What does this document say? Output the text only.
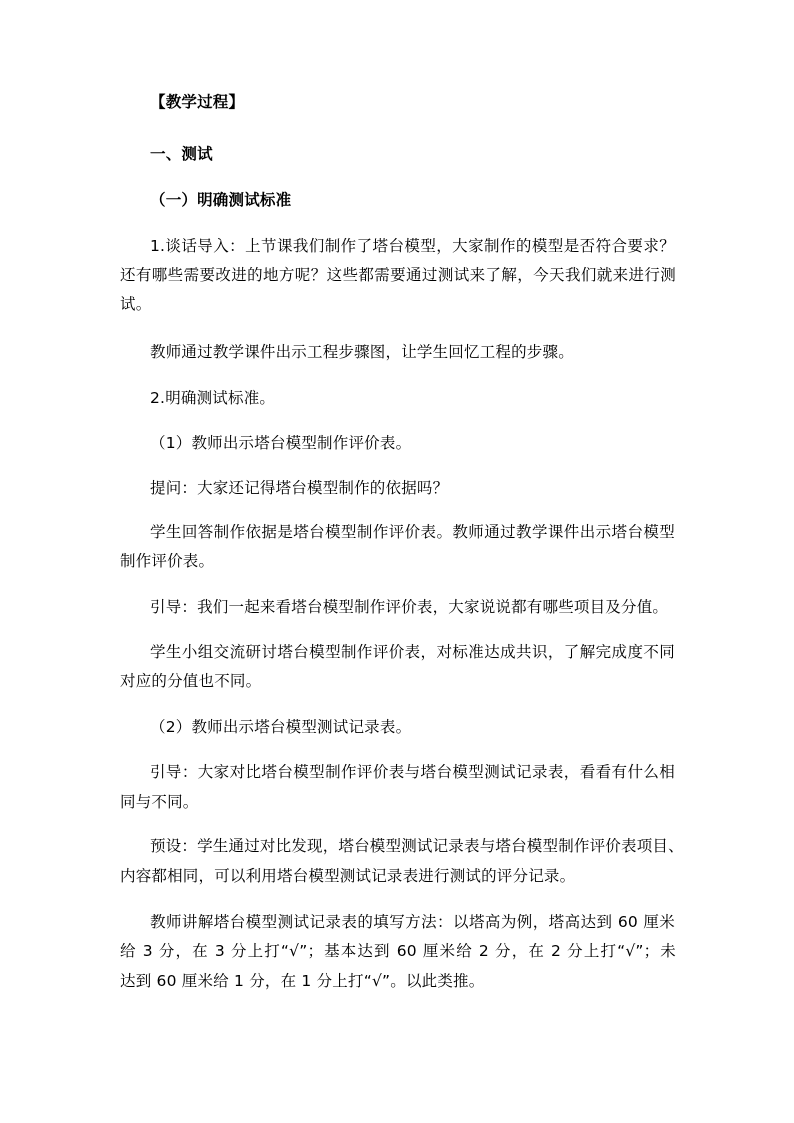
【教学过程】
一、测试
（一）明确测试标准
1.谈话导入：上节课我们制作了塔台模型，大家制作的模型是否符合要求？
还有哪些需要改进的地方呢？这些都需要通过测试来了解，今天我们就来进行测
试。
教师通过教学课件出示工程步骤图，让学生回忆工程的步骤。
2.明确测试标准。
（1）教师出示塔台模型制作评价表。
提问：大家还记得塔台模型制作的依据吗？
学生回答制作依据是塔台模型制作评价表。教师通过教学课件出示塔台模型
制作评价表。
引导：我们一起来看塔台模型制作评价表，大家说说都有哪些项目及分值。
学生小组交流研讨塔台模型制作评价表，对标准达成共识，了解完成度不同
对应的分值也不同。
（2）教师出示塔台模型测试记录表。
引导：大家对比塔台模型制作评价表与塔台模型测试记录表，看看有什么相
同与不同。
预设：学生通过对比发现，塔台模型测试记录表与塔台模型制作评价表项目、
内容都相同，可以利用塔台模型测试记录表进行测试的评分记录。
教师讲解塔台模型测试记录表的填写方法：以塔高为例，塔高达到 60 厘米
给 3 分，在 3 分上打“√”；基本达到 60 厘米给 2 分，在 2 分上打“√”；未
达到 60 厘米给 1 分，在 1 分上打“√”。以此类推。
